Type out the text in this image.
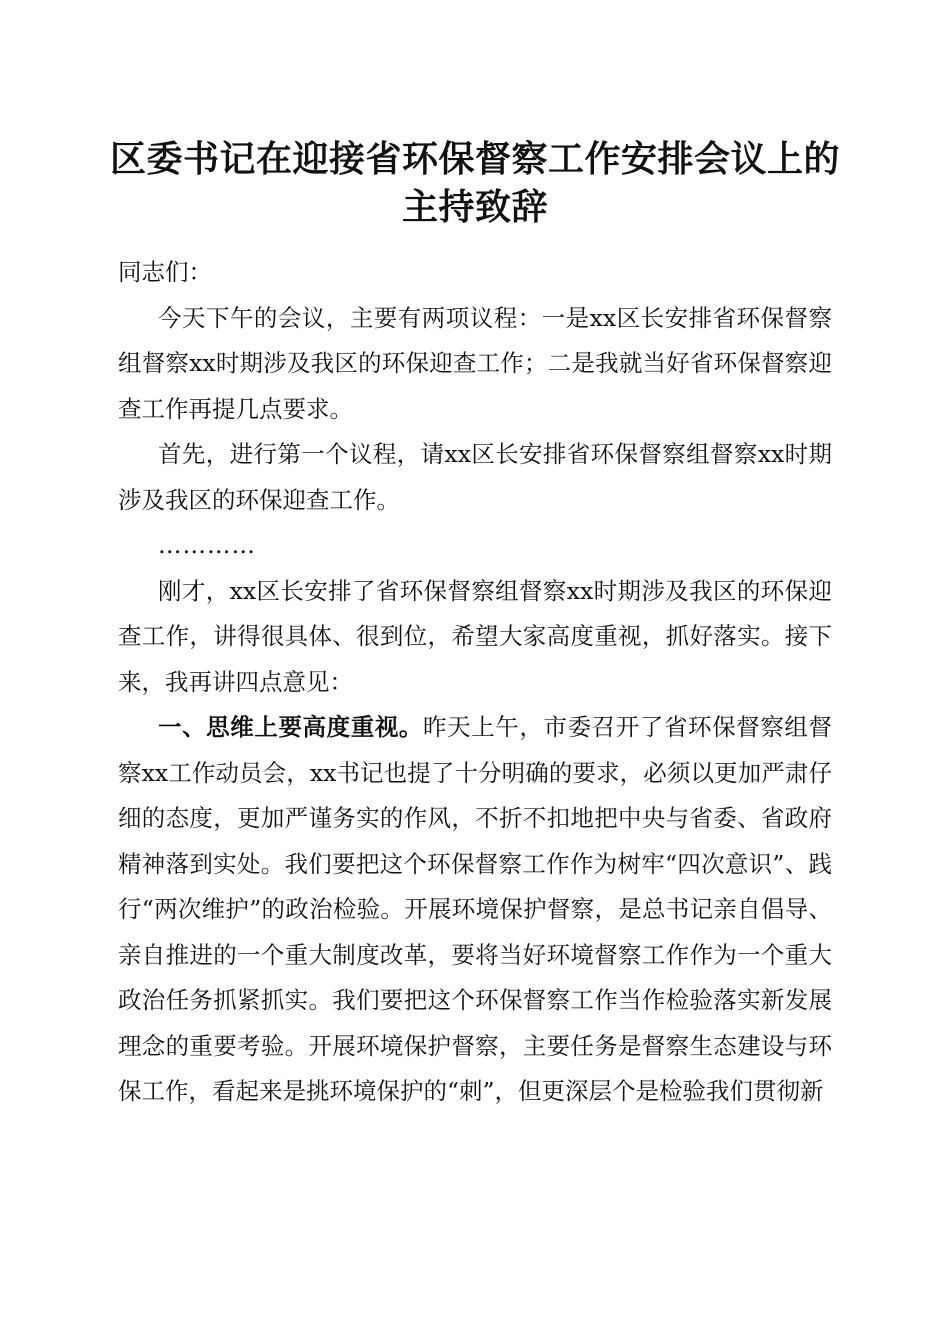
区委书记在迎接省环保督察工作安排会议上的
主持致辞

同志们：

今天下午的会议，主要有两项议程：一是xx区长安排省环保督察组督察xx时期涉及我区的环保迎查工作；二是我就当好省环保督察迎查工作再提几点要求。

首先，进行第一个议程，请xx区长安排省环保督察组督察xx时期涉及我区的环保迎查工作。

…………

刚才，xx区长安排了省环保督察组督察xx时期涉及我区的环保迎查工作，讲得很具体、很到位，希望大家高度重视，抓好落实。接下来，我再讲四点意见：

一、思维上要高度重视。昨天上午，市委召开了省环保督察组督察xx工作动员会，xx书记也提了十分明确的要求，必须以更加严肃仔细的态度，更加严谨务实的作风，不折不扣地把中央与省委、省政府精神落到实处。我们要把这个环保督察工作作为树牢“四次意识”、践行“两次维护”的政治检验。开展环境保护督察，是总书记亲自倡导、亲自推进的一个重大制度改革，要将当好环境督察工作作为一个重大政治任务抓紧抓实。我们要把这个环保督察工作当作检验落实新发展理念的重要考验。开展环境保护督察，主要任务是督察生态建设与环保工作，看起来是挑环境保护的“刺”，但更深层个是检验我们贯彻新
